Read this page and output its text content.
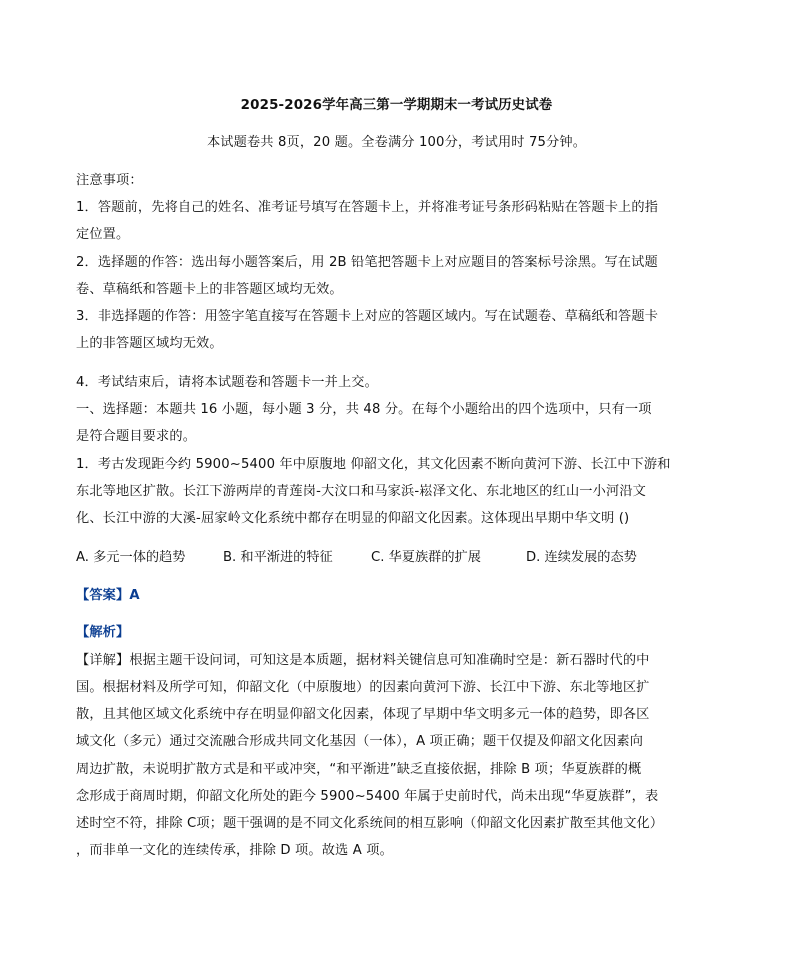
2025-2026学年高三第一学期期末一考试历史试卷
本试题卷共 8页，20 题。全卷满分 100分，考试用时 75分钟。
注意事项：
1．答题前，先将自己的姓名、准考证号填写在答题卡上，并将准考证号条形码粘贴在答题卡上的指
定位置。
2．选择题的作答：选出每小题答案后，用 2B 铅笔把答题卡上对应题目的答案标号涂黑。写在试题
卷、草稿纸和答题卡上的非答题区域均无效。
3．非选择题的作答：用签字笔直接写在答题卡上对应的答题区域内。写在试题卷、草稿纸和答题卡
上的非答题区域均无效。
4．考试结束后，请将本试题卷和答题卡一并上交。
一、选择题：本题共 16 小题，每小题 3 分，共 48 分。在每个小题给出的四个选项中，只有一项
是符合题目要求的。
1．考古发现距今约 5900~5400 年中原腹地 仰韶文化，其文化因素不断向黄河下游、长江中下游和
东北等地区扩散。长江下游两岸的青莲岗-大汶口和马家浜-崧泽文化、东北地区的红山一小河沿文
化、长江中游的大溪-屈家岭文化系统中都存在明显的仰韶文化因素。这体现出早期中华文明 ()
A. 多元一体的趋势	B. 和平渐进的特征	C. 华夏族群的扩展	D. 连续发展的态势
【答案】A
【解析】
【详解】根据主题干设问词，可知这是本质题，据材料关键信息可知准确时空是：新石器时代的中
国。根据材料及所学可知，仰韶文化（中原腹地）的因素向黄河下游、长江中下游、东北等地区扩
散，且其他区域文化系统中存在明显仰韶文化因素，体现了早期中华文明多元一体的趋势，即各区
域文化（多元）通过交流融合形成共同文化基因（一体），A 项正确；题干仅提及仰韶文化因素向
周边扩散，未说明扩散方式是和平或冲突，“和平渐进”缺乏直接依据，排除 B 项；华夏族群的概
念形成于商周时期，仰韶文化所处的距今 5900~5400 年属于史前时代，尚未出现“华夏族群”，表
述时空不符，排除 C项；题干强调的是不同文化系统间的相互影响（仰韶文化因素扩散至其他文化）
，而非单一文化的连续传承，排除 D 项。故选 A 项。
